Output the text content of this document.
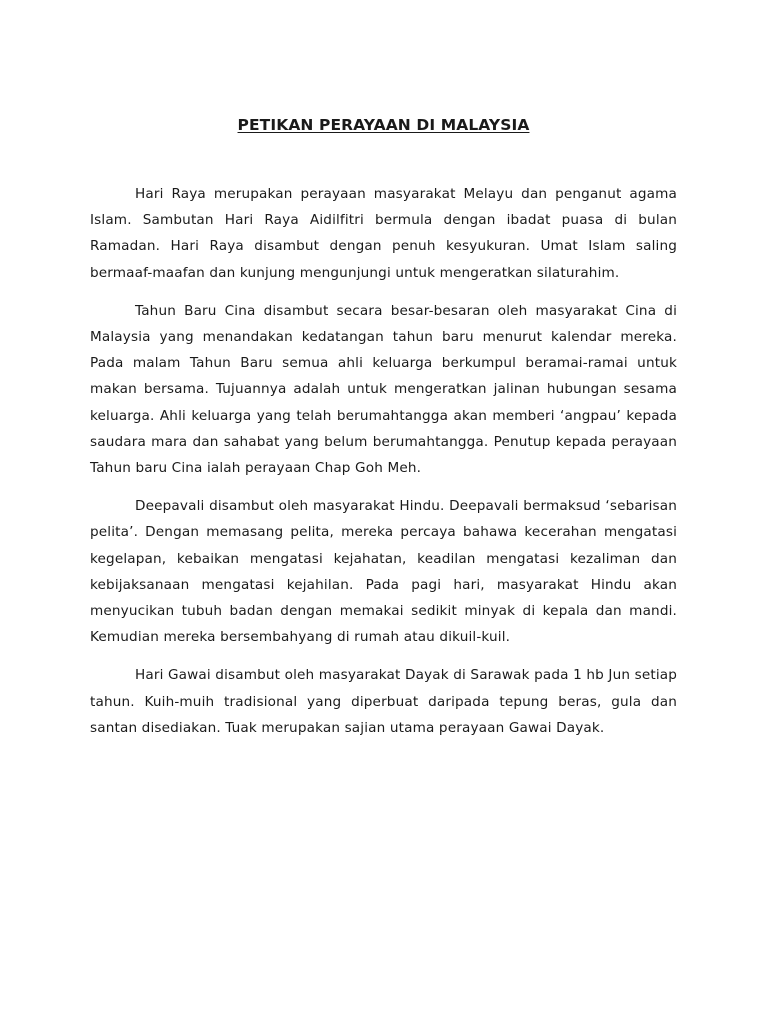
PETIKAN PERAYAAN DI MALAYSIA

Hari Raya merupakan perayaan masyarakat Melayu dan penganut agama Islam. Sambutan Hari Raya Aidilfitri bermula dengan ibadat puasa di bulan Ramadan. Hari Raya disambut dengan penuh kesyukuran. Umat Islam saling bermaaf-maafan dan kunjung mengunjungi untuk mengeratkan silaturahim.

Tahun Baru Cina disambut secara besar-besaran oleh masyarakat Cina di Malaysia yang menandakan kedatangan tahun baru menurut kalendar mereka. Pada malam Tahun Baru semua ahli keluarga berkumpul beramai-ramai untuk makan bersama. Tujuannya adalah untuk mengeratkan jalinan hubungan sesama keluarga. Ahli keluarga yang telah berumahtangga akan memberi ‘angpau’ kepada saudara mara dan sahabat yang belum berumahtangga. Penutup kepada perayaan Tahun baru Cina ialah perayaan Chap Goh Meh.

Deepavali disambut oleh masyarakat Hindu. Deepavali bermaksud ‘sebarisan pelita’. Dengan memasang pelita, mereka percaya bahawa kecerahan mengatasi kegelapan, kebaikan mengatasi kejahatan, keadilan mengatasi kezaliman dan kebijaksanaan mengatasi kejahilan. Pada pagi hari, masyarakat Hindu akan menyucikan tubuh badan dengan memakai sedikit minyak di kepala dan mandi. Kemudian mereka bersembahyang di rumah atau dikuil-kuil.

Hari Gawai disambut oleh masyarakat Dayak di Sarawak pada 1 hb Jun setiap tahun. Kuih-muih tradisional yang diperbuat daripada tepung beras, gula dan santan disediakan. Tuak merupakan sajian utama perayaan Gawai Dayak.
